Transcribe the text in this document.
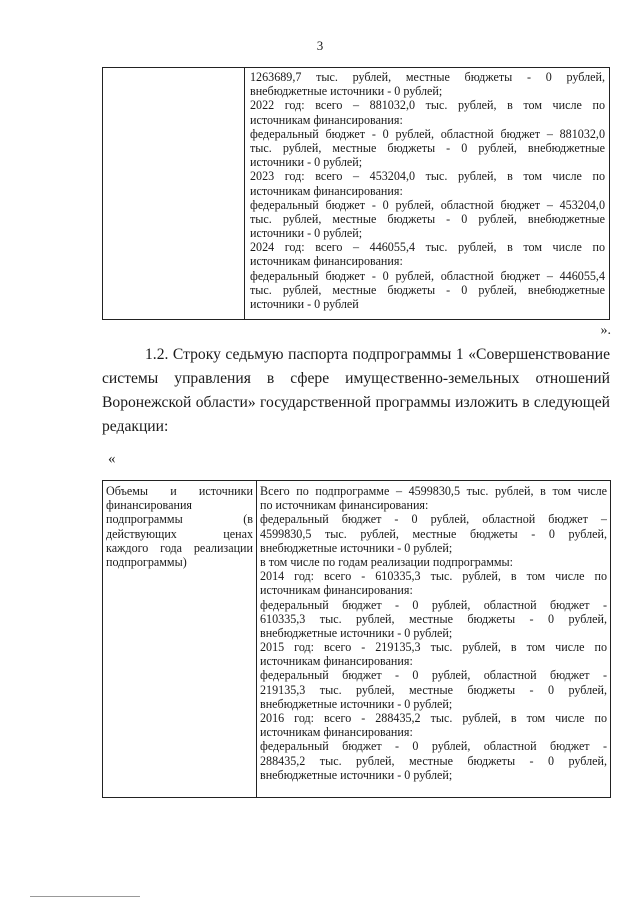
3
1263689,7 тыс. рублей, местные бюджеты - 0 рублей,
внебюджетные источники - 0 рублей;
2022 год: всего – 881032,0 тыс. рублей, в том числе по
источникам финансирования:
федеральный бюджет - 0 рублей, областной бюджет – 881032,0
тыс. рублей, местные бюджеты - 0 рублей, внебюджетные
источники - 0 рублей;
2023 год: всего – 453204,0 тыс. рублей, в том числе по
источникам финансирования:
федеральный бюджет - 0 рублей, областной бюджет – 453204,0
тыс. рублей, местные бюджеты - 0 рублей, внебюджетные
источники - 0 рублей;
2024 год: всего – 446055,4 тыс. рублей, в том числе по
источникам финансирования:
федеральный бюджет - 0 рублей, областной бюджет – 446055,4
тыс. рублей, местные бюджеты - 0 рублей, внебюджетные
источники - 0 рублей
».
1.2. Строку седьмую паспорта подпрограммы 1 «Совершенствование
системы управления в сфере имущественно-земельных отношений
Воронежской области» государственной программы изложить в следующей
редакции:
«
Объемы и источники
финансирования
подпрограммы (в
действующих ценах
каждого года реализации
подпрограммы)
Всего по подпрограмме – 4599830,5 тыс. рублей, в том числе
по источникам финансирования:
федеральный бюджет - 0 рублей, областной бюджет –
4599830,5 тыс. рублей, местные бюджеты - 0 рублей,
внебюджетные источники - 0 рублей;
в том числе по годам реализации подпрограммы:
2014 год: всего - 610335,3 тыс. рублей, в том числе по
источникам финансирования:
федеральный бюджет - 0 рублей, областной бюджет -
610335,3 тыс. рублей, местные бюджеты - 0 рублей,
внебюджетные источники - 0 рублей;
2015 год: всего - 219135,3 тыс. рублей, в том числе по
источникам финансирования:
федеральный бюджет - 0 рублей, областной бюджет -
219135,3 тыс. рублей, местные бюджеты - 0 рублей,
внебюджетные источники - 0 рублей;
2016 год: всего - 288435,2 тыс. рублей, в том числе по
источникам финансирования:
федеральный бюджет - 0 рублей, областной бюджет -
288435,2 тыс. рублей, местные бюджеты - 0 рублей,
внебюджетные источники - 0 рублей;
